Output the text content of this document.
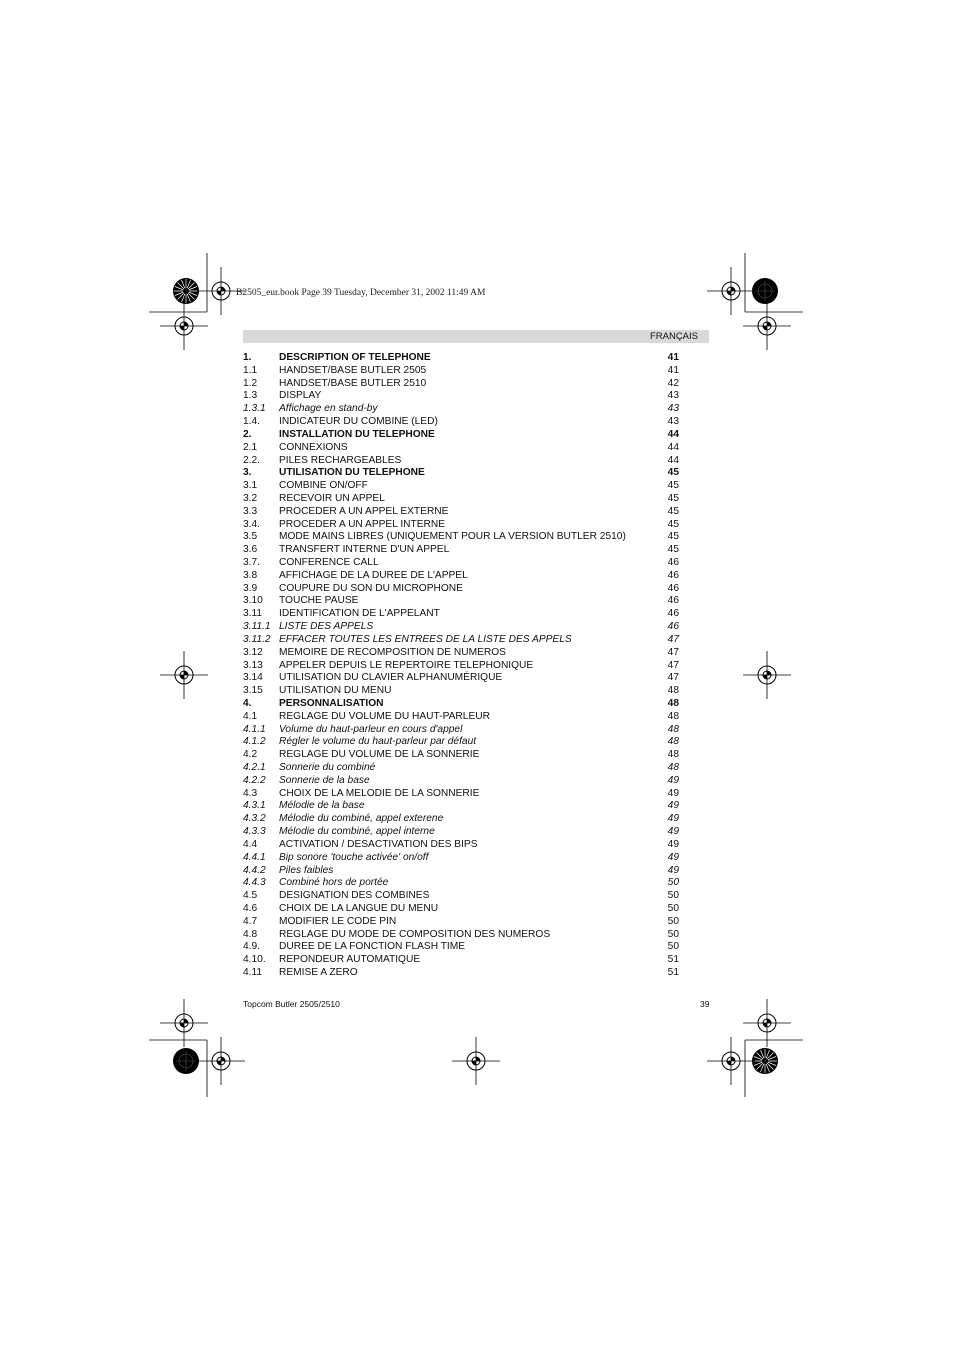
B2505_eur.book Page 39 Tuesday, December 31, 2002 11:49 AM
FRANÇAIS
1.	DESCRIPTION OF TELEPHONE	41
1.1 HANDSET/BASE BUTLER 2505	41
1.2 HANDSET/BASE BUTLER 2510	42
1.3 DISPLAY	43
1.3.1 Affichage en stand-by	43
1.4. INDICATEUR DU COMBINE (LED)	43
2.	INSTALLATION DU TELEPHONE	44
2.1 CONNEXIONS	44
2.2. PILES RECHARGEABLES	44
3.	UTILISATION DU TELEPHONE	45
3.1 COMBINE ON/OFF	45
3.2 RECEVOIR UN APPEL	45
3.3 PROCEDER A UN APPEL EXTERNE	45
3.4. PROCEDER A UN APPEL INTERNE	45
3.5 MODE MAINS LIBRES (UNIQUEMENT POUR LA VERSION BUTLER 2510)	45
3.6 TRANSFERT INTERNE D'UN APPEL	45
3.7. CONFERENCE CALL	46
3.8 AFFICHAGE DE LA DUREE DE L'APPEL	46
3.9 COUPURE DU SON DU MICROPHONE	46
3.10 TOUCHE PAUSE	46
3.11 IDENTIFICATION DE L'APPELANT	46
3.11.1 LISTE DES APPELS	46
3.11.2 EFFACER TOUTES LES ENTREES DE LA LISTE DES APPELS	47
3.12 MEMOIRE DE RECOMPOSITION DE NUMEROS	47
3.13 APPELER DEPUIS LE REPERTOIRE TELEPHONIQUE	47
3.14 UTILISATION DU CLAVIER ALPHANUMÉRIQUE	47
3.15 UTILISATION DU MENU	48
4.	PERSONNALISATION	48
4.1 REGLAGE DU VOLUME DU HAUT-PARLEUR	48
4.1.1 Volume du haut-parleur en cours d'appel	48
4.1.2 Régler le volume du haut-parleur par défaut	48
4.2 REGLAGE DU VOLUME DE LA SONNERIE	48
4.2.1 Sonnerie du combiné	48
4.2.2 Sonnerie de la base	49
4.3 CHOIX DE LA MELODIE DE LA SONNERIE	49
4.3.1 Mélodie de la base	49
4.3.2 Mélodie du combiné, appel exterene	49
4.3.3 Mélodie du combiné, appel interne	49
4.4 ACTIVATION / DESACTIVATION DES BIPS	49
4.4.1 Bip sonore 'touche activée' on/off	49
4.4.2 Piles faibles	49
4.4.3 Combiné hors de portée	50
4.5 DESIGNATION DES COMBINES	50
4.6 CHOIX DE LA LANGUE DU MENU	50
4.7 MODIFIER LE CODE PIN	50
4.8 REGLAGE DU MODE DE COMPOSITION DES NUMEROS	50
4.9. DUREE DE LA FONCTION FLASH TIME	50
4.10. REPONDEUR AUTOMATIQUE	51
4.11 REMISE A ZERO	51
Topcom Butler 2505/2510	39
